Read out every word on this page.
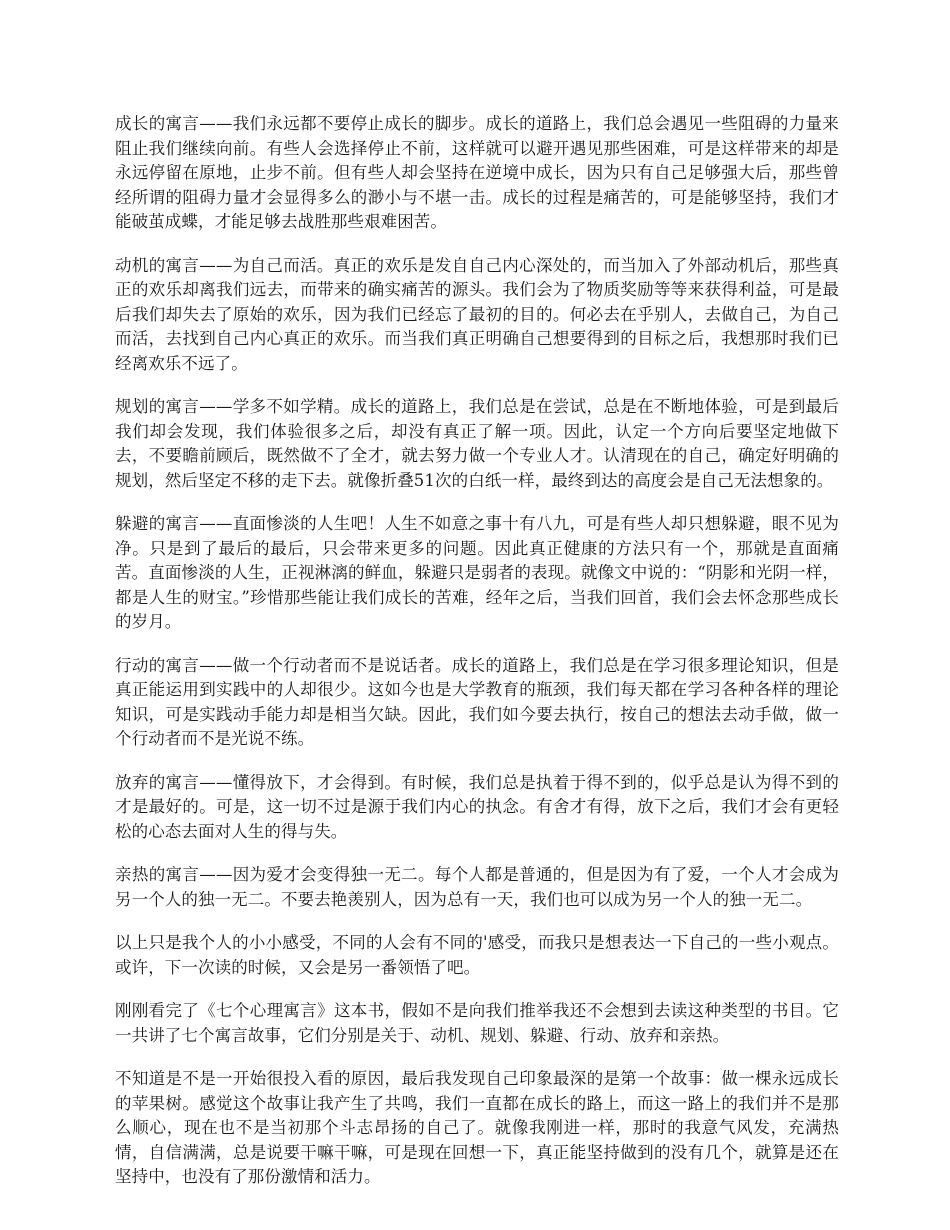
成长的寓言——我们永远都不要停止成长的脚步。成长的道路上，我们总会遇见一些阻碍的力量来阻止我们继续向前。有些人会选择停止不前，这样就可以避开遇见那些困难，可是这样带来的却是永远停留在原地，止步不前。但有些人却会坚持在逆境中成长，因为只有自己足够强大后，那些曾经所谓的阻碍力量才会显得多么的渺小与不堪一击。成长的过程是痛苦的，可是能够坚持，我们才能破茧成蝶，才能足够去战胜那些艰难困苦。

动机的寓言——为自己而活。真正的欢乐是发自自己内心深处的，而当加入了外部动机后，那些真正的欢乐却离我们远去，而带来的确实痛苦的源头。我们会为了物质奖励等等来获得利益，可是最后我们却失去了原始的欢乐，因为我们已经忘了最初的目的。何必去在乎别人，去做自己，为自己而活，去找到自己内心真正的欢乐。而当我们真正明确自己想要得到的目标之后，我想那时我们已经离欢乐不远了。

规划的寓言——学多不如学精。成长的道路上，我们总是在尝试，总是在不断地体验，可是到最后我们却会发现，我们体验很多之后，却没有真正了解一项。因此，认定一个方向后要坚定地做下去，不要瞻前顾后，既然做不了全才，就去努力做一个专业人才。认清现在的自己，确定好明确的规划，然后坚定不移的走下去。就像折叠51次的白纸一样，最终到达的高度会是自己无法想象的。

躲避的寓言——直面惨淡的人生吧！人生不如意之事十有八九，可是有些人却只想躲避，眼不见为净。只是到了最后的最后，只会带来更多的问题。因此真正健康的方法只有一个，那就是直面痛苦。直面惨淡的人生，正视淋漓的鲜血，躲避只是弱者的表现。就像文中说的：“阴影和光阴一样，都是人生的财宝。”珍惜那些能让我们成长的苦难，经年之后，当我们回首，我们会去怀念那些成长的岁月。

行动的寓言——做一个行动者而不是说话者。成长的道路上，我们总是在学习很多理论知识，但是真正能运用到实践中的人却很少。这如今也是大学教育的瓶颈，我们每天都在学习各种各样的理论知识，可是实践动手能力却是相当欠缺。因此，我们如今要去执行，按自己的想法去动手做，做一个行动者而不是光说不练。

放弃的寓言——懂得放下，才会得到。有时候，我们总是执着于得不到的，似乎总是认为得不到的才是最好的。可是，这一切不过是源于我们内心的执念。有舍才有得，放下之后，我们才会有更轻松的心态去面对人生的得与失。

亲热的寓言——因为爱才会变得独一无二。每个人都是普通的，但是因为有了爱，一个人才会成为另一个人的独一无二。不要去艳羡别人，因为总有一天，我们也可以成为另一个人的独一无二。

以上只是我个人的小小感受，不同的人会有不同的'感受，而我只是想表达一下自己的一些小观点。或许，下一次读的时候，又会是另一番领悟了吧。

刚刚看完了《七个心理寓言》这本书，假如不是向我们推举我还不会想到去读这种类型的书目。它一共讲了七个寓言故事，它们分别是关于、动机、规划、躲避、行动、放弃和亲热。

不知道是不是一开始很投入看的原因，最后我发现自己印象最深的是第一个故事：做一棵永远成长的苹果树。感觉这个故事让我产生了共鸣，我们一直都在成长的路上，而这一路上的我们并不是那么顺心，现在也不是当初那个斗志昂扬的自己了。就像我刚进一样，那时的我意气风发，充满热情，自信满满，总是说要干嘛干嘛，可是现在回想一下，真正能坚持做到的没有几个，就算是还在坚持中，也没有了那份激情和活力。
